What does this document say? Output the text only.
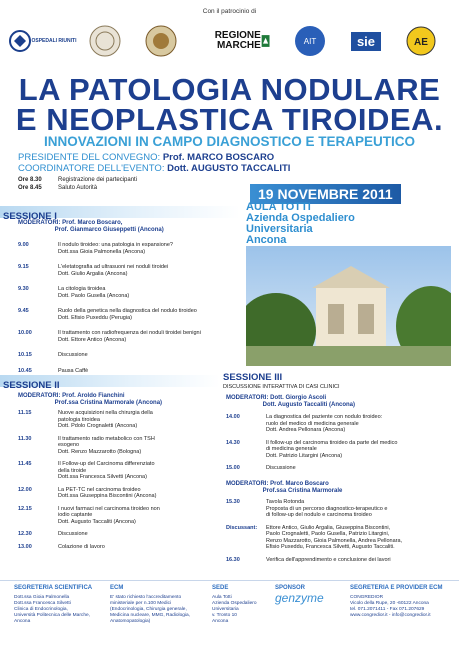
Con il patrocinio di
OSPEDALI RIUNITI	REGIONE MARCHE	AIT	sie	AE
LA PATOLOGIA NODULARE
E NEOPLASTICA TIROIDEA.
INNOVAZIONI IN CAMPO DIAGNOSTICO E TERAPEUTICO
PRESIDENTE DEL CONVEGNO: Prof. MARCO BOSCARO
COORDINATORE DELL'EVENTO: Dott. AUGUSTO TACCALITI
Ore 8.30	Registrazione dei partecipanti
Ore 8.45	Saluto Autorità	19 NOVEMBRE 2011
AULA TOTTI
Azienda Ospedaliero
Universitaria
Ancona
SESSIONE I
MODERATORI: Prof. Marco Boscaro,
Prof. Gianmarco Giuseppetti (Ancona)
9.00	Il nodulo tiroideo: una patologia in espansione?
Dott.ssa Gioia Palmonella (Ancona)
9.15	L'eletatografia ad ultrasuoni nei noduli tiroidei
Dott. Giulio Argalia (Ancona)
9.30	La citologia tiroidea
Dott. Paolo Gusella (Ancona)
9.45	Ruolo della genetica nella diagnostica del nodulo tiroideo
Dott. Efisio Puxeddu (Perugia)
10.00	Il trattamento con radiofrequenza dei noduli tiroidei benigni
Dott. Ettore Antico (Ancona)
10.15	Discussione
10.45	Pausa Caffè
SESSIONE II
MODERATORI: Prof. Aroldo Fianchini
Prof.ssa Cristina Marmorale (Ancona)
11.15	Nuove acquisizioni nella chirurgia della
patologia tiroidea
Dott. Pdolo Crognaletti (Ancona)
11.30	Il trattamento radio metabolico con TSH
esogeno
Dott. Renzo Mazzarotto (Bologna)
11.45	Il Follow-up del Carcinoma differenziato
della tiroide
Dott.ssa Francesca Silvetti (Ancona)
12.00	La PET-TC nel carcinoma tiroideo
Dott.ssa Giuseppina Biscontini (Ancona)
12.15	I nuovi farmaci nel carcinoma tiroideo non
iodio captante
Dott. Augusto Taccaliti (Ancona)
12.30	Discussione
13.00	Colazione di lavoro
SESSIONE III
DISCUSSIONE INTERATTIVA DI CASI CLINICI
MODERATORI: Dott. Giorgio Ascoli
Dott. Augusto Taccaliti (Ancona)
14.00	La diagnostica del paziente con nodulo tiroideo:
ruolo del medico di medicina generale
Dott. Andrea Pellonara (Ancona)
14.30	Il follow-up del carcinoma tiroideo da parte del medico
di medicina generale
Dott. Patrizio Litargini (Ancona)
15.00	Discussione
MODERATORI: Prof. Marco Boscaro
Prof.ssa Cristina Marmorale
15.30	Tavola Rotonda
Proposta di un percorso diagnostico-terapeutico e
di follow-up del nodulo e carcinoma tiroideo
Discussant:	Ettore Antico, Giulio Argalia, Giuseppina Biscontini,
Paolo Crognaletti, Paolo Gusella, Patrizio Litargini,
Renzo Mazzarotto, Gioia Palmonella, Andrea Pellonara,
Efisio Puxeddu, Francesca Silvetti, Augusto Taccaliti.
16.30	Verifica dell'apprendimento e conclusione dei lavori
SEGRETERIA SCIENTIFICA
Dott.ssa Gioia Palmonella
Dott.ssa Francesca Silvetti
Clinica di Endocrinologia,
Università Politecnica delle Marche,
Ancona
ECM
E' stato richiesto l'accreditamento
ministeriale per n.100 Medici
(Endocrinologia, Chirurgia generale,
Medicina nucleare, MMG, Radiologia,
Anatomopatologia)
SEDE
Aula Totti
Azienda Ospedaliero
Universitaria
v. Tronto 10
Ancona
SPONSOR
genzyme
SEGRETERIA E PROVIDER ECM
CONGREDIOR
Vicolo della Rupe, 20 -60122 Ancona
tel. 071.2071411 - Fax 071.207629
www.congredior.it - info@congredior.it
